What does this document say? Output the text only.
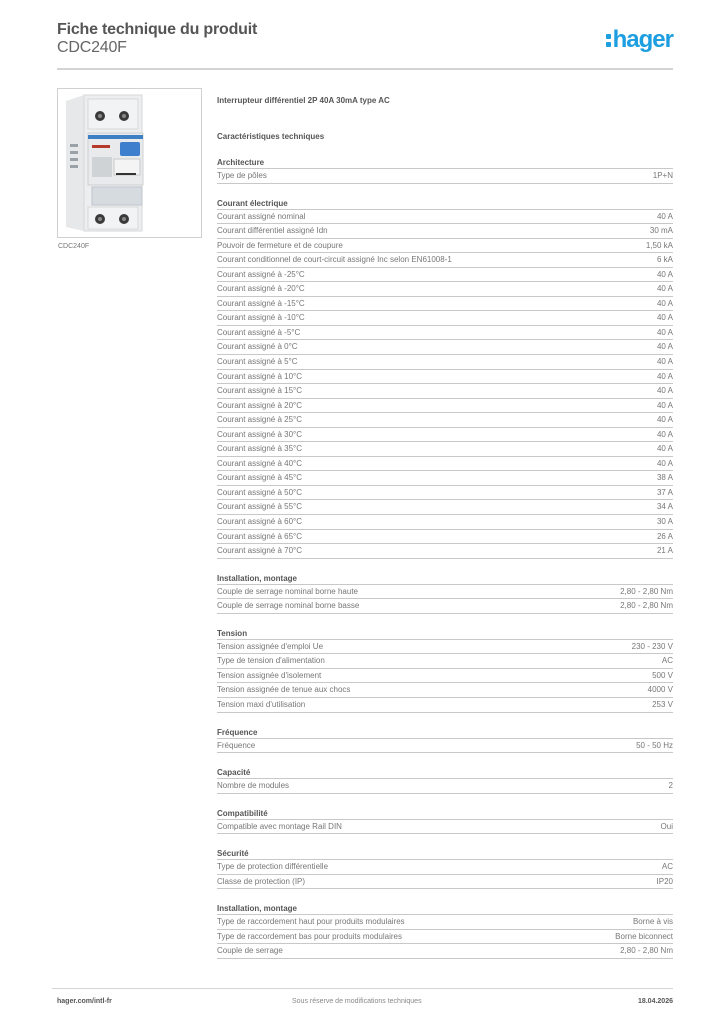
Fiche technique du produit
CDC240F	hager
CDC240F
Interrupteur différentiel 2P 40A 30mA type AC
Caractéristiques techniques
Architecture
Type de pôles	1P+N
Courant électrique
Courant assigné nominal	40 A
Courant différentiel assigné Idn	30 mA
Pouvoir de fermeture et de coupure	1,50 kA
Courant conditionnel de court-circuit assigné Inc selon EN61008-1	6 kA
Courant assigné à -25°C	40 A
Courant assigné à -20°C	40 A
Courant assigné à -15°C	40 A
Courant assigné à -10°C	40 A
Courant assigné à -5°C	40 A
Courant assigné à 0°C	40 A
Courant assigné à 5°C	40 A
Courant assigné à 10°C	40 A
Courant assigné à 15°C	40 A
Courant assigné à 20°C	40 A
Courant assigné à 25°C	40 A
Courant assigné à 30°C	40 A
Courant assigné à 35°C	40 A
Courant assigné à 40°C	40 A
Courant assigné à 45°C	38 A
Courant assigné à 50°C	37 A
Courant assigné à 55°C	34 A
Courant assigné à 60°C	30 A
Courant assigné à 65°C	26 A
Courant assigné à 70°C	21 A
Installation, montage
Couple de serrage nominal borne haute	2,80 - 2,80 Nm
Couple de serrage nominal borne basse	2,80 - 2,80 Nm
Tension
Tension assignée d'emploi Ue	230 - 230 V
Type de tension d'alimentation	AC
Tension assignée d'isolement	500 V
Tension assignée de tenue aux chocs	4000 V
Tension maxi d'utilisation	253 V
Fréquence
Fréquence	50 - 50 Hz
Capacité
Nombre de modules	2
Compatibilité
Compatible avec montage Rail DIN	Oui
Sécurité
Type de protection différentielle	AC
Classe de protection (IP)	IP20
Installation, montage
Type de raccordement haut pour produits modulaires	Borne à vis
Type de raccordement bas pour produits modulaires	Borne biconnect
Couple de serrage	2,80 - 2,80 Nm
hager.com/intl-fr	Sous réserve de modifications techniques	18.04.2026
